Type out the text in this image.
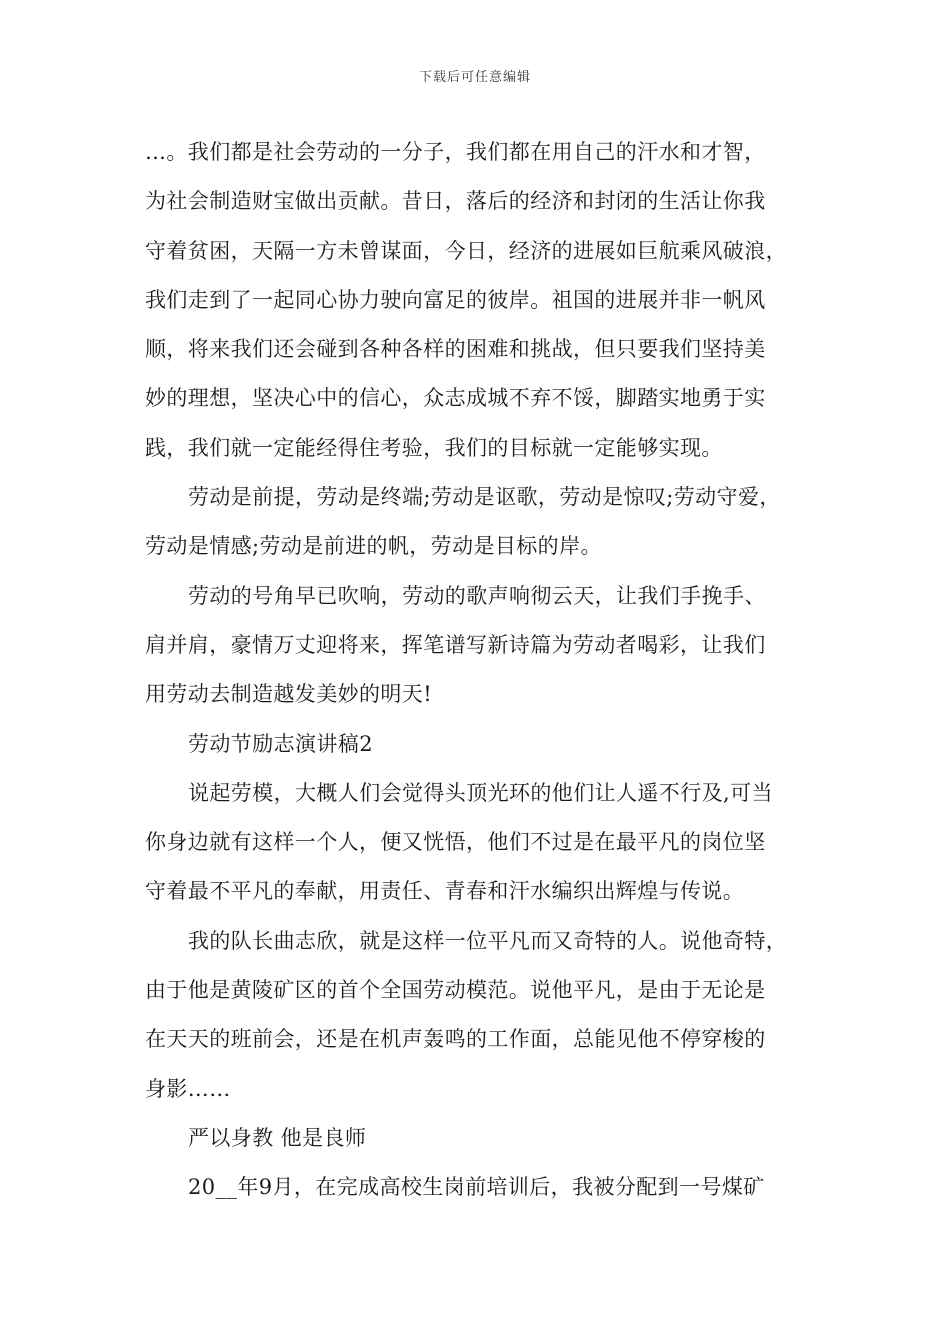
下载后可任意编辑
…。我们都是社会劳动的一分子，我们都在用自己的汗水和才智，
为社会制造财宝做出贡献。昔日，落后的经济和封闭的生活让你我
守着贫困，天隔一方未曾谋面，今日，经济的进展如巨航乘风破浪，
我们走到了一起同心协力驶向富足的彼岸。祖国的进展并非一帆风
顺，将来我们还会碰到各种各样的困难和挑战，但只要我们坚持美
妙的理想，坚决心中的信心，众志成城不弃不馁，脚踏实地勇于实
践，我们就一定能经得住考验，我们的目标就一定能够实现。
劳动是前提，劳动是终端;劳动是讴歌，劳动是惊叹;劳动守爱，
劳动是情感;劳动是前进的帆，劳动是目标的岸。
劳动的号角早已吹响，劳动的歌声响彻云天，让我们手挽手、
肩并肩，豪情万丈迎将来，挥笔谱写新诗篇为劳动者喝彩，让我们
用劳动去制造越发美妙的明天!
劳动节励志演讲稿2
说起劳模，大概人们会觉得头顶光环的他们让人遥不行及,可当
你身边就有这样一个人，便又恍悟，他们不过是在最平凡的岗位坚
守着最不平凡的奉献，用责任、青春和汗水编织出辉煌与传说。
我的队长曲志欣，就是这样一位平凡而又奇特的人。说他奇特，
由于他是黄陵矿区的首个全国劳动模范。说他平凡，是由于无论是
在天天的班前会，还是在机声轰鸣的工作面，总能见他不停穿梭的
身影……
严以身教 他是良师
20__年9月，在完成高校生岗前培训后，我被分配到一号煤矿
